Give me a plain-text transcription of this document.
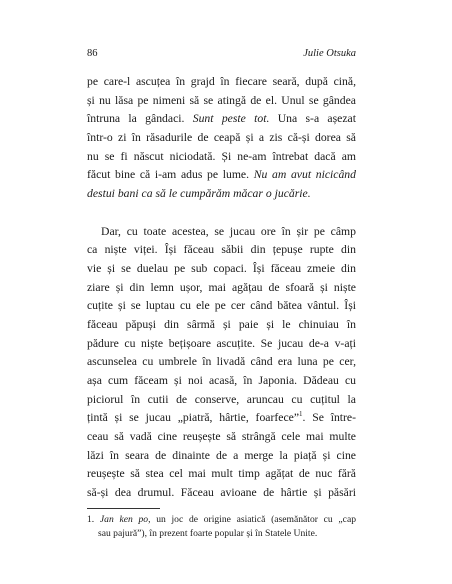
86	Julie Otsuka
pe care-l ascuțea în grajd în fiecare seară, după cină,
și nu lăsa pe nimeni să se atingă de el. Unul se gândea
întruna la gândaci. Sunt peste tot. Una s-a așezat
într-o zi în răsadurile de ceapă și a zis că-și dorea să
nu se fi născut niciodată. Și ne-am întrebat dacă am
făcut bine că i-am adus pe lume. Nu am avut nicicând
destui bani ca să le cumpărăm măcar o jucărie.
Dar, cu toate acestea, se jucau ore în șir pe câmp
ca niște viței. Își făceau săbii din țepușe rupte din
vie și se duelau pe sub copaci. Își făceau zmeie din
ziare și din lemn ușor, mai agățau de sfoară și niște
cuțite și se luptau cu ele pe cer când bătea vântul. Își
făceau păpuși din sârmă și paie și le chinuiau în
pădure cu niște bețișoare ascuțite. Se jucau de-a v-ați
ascunselea cu umbrele în livadă când era luna pe cer,
așa cum făceam și noi acasă, în Japonia. Dădeau cu
piciorul în cutii de conserve, aruncau cu cuțitul la
țintă și se jucau „piatră, hârtie, foarfece”$^1$. Se între-
ceau să vadă cine reușește să strângă cele mai multe
lăzi în seara de dinainte de a merge la piață și cine
reușește să stea cel mai mult timp agățat de nuc fără
să-și dea drumul. Făceau avioane de hârtie și păsări
1. Jan ken po, un joc de origine asiatică (asemănător cu „cap
sau pajură”), în prezent foarte popular și în Statele Unite.
